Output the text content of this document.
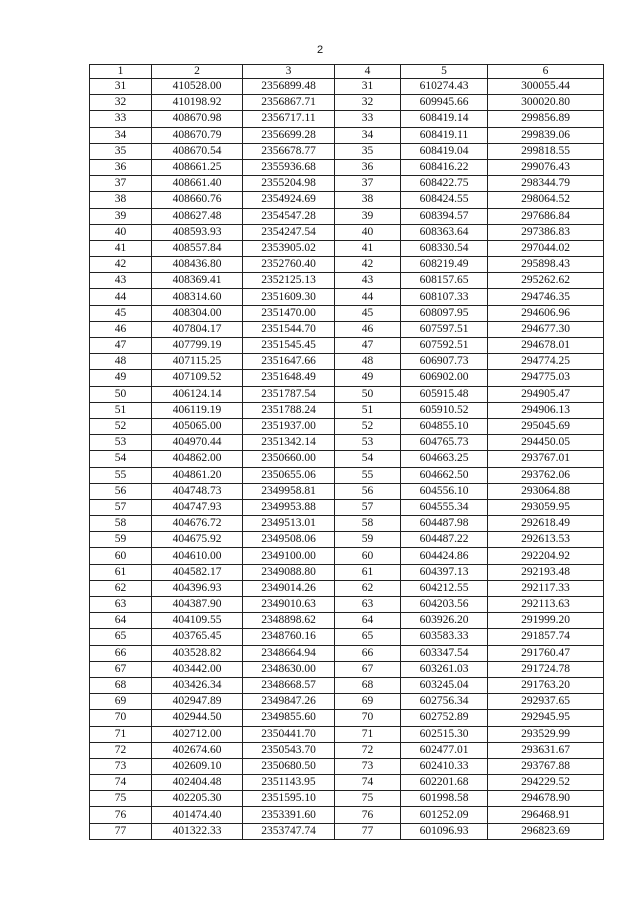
2
1	2	3	4	5	6
31	410528.00	2356899.48	31	610274.43	300055.44
32	410198.92	2356867.71	32	609945.66	300020.80
33	408670.98	2356717.11	33	608419.14	299856.89
34	408670.79	2356699.28	34	608419.11	299839.06
35	408670.54	2356678.77	35	608419.04	299818.55
36	408661.25	2355936.68	36	608416.22	299076.43
37	408661.40	2355204.98	37	608422.75	298344.79
38	408660.76	2354924.69	38	608424.55	298064.52
39	408627.48	2354547.28	39	608394.57	297686.84
40	408593.93	2354247.54	40	608363.64	297386.83
41	408557.84	2353905.02	41	608330.54	297044.02
42	408436.80	2352760.40	42	608219.49	295898.43
43	408369.41	2352125.13	43	608157.65	295262.62
44	408314.60	2351609.30	44	608107.33	294746.35
45	408304.00	2351470.00	45	608097.95	294606.96
46	407804.17	2351544.70	46	607597.51	294677.30
47	407799.19	2351545.45	47	607592.51	294678.01
48	407115.25	2351647.66	48	606907.73	294774.25
49	407109.52	2351648.49	49	606902.00	294775.03
50	406124.14	2351787.54	50	605915.48	294905.47
51	406119.19	2351788.24	51	605910.52	294906.13
52	405065.00	2351937.00	52	604855.10	295045.69
53	404970.44	2351342.14	53	604765.73	294450.05
54	404862.00	2350660.00	54	604663.25	293767.01
55	404861.20	2350655.06	55	604662.50	293762.06
56	404748.73	2349958.81	56	604556.10	293064.88
57	404747.93	2349953.88	57	604555.34	293059.95
58	404676.72	2349513.01	58	604487.98	292618.49
59	404675.92	2349508.06	59	604487.22	292613.53
60	404610.00	2349100.00	60	604424.86	292204.92
61	404582.17	2349088.80	61	604397.13	292193.48
62	404396.93	2349014.26	62	604212.55	292117.33
63	404387.90	2349010.63	63	604203.56	292113.63
64	404109.55	2348898.62	64	603926.20	291999.20
65	403765.45	2348760.16	65	603583.33	291857.74
66	403528.82	2348664.94	66	603347.54	291760.47
67	403442.00	2348630.00	67	603261.03	291724.78
68	403426.34	2348668.57	68	603245.04	291763.20
69	402947.89	2349847.26	69	602756.34	292937.65
70	402944.50	2349855.60	70	602752.89	292945.95
71	402712.00	2350441.70	71	602515.30	293529.99
72	402674.60	2350543.70	72	602477.01	293631.67
73	402609.10	2350680.50	73	602410.33	293767.88
74	402404.48	2351143.95	74	602201.68	294229.52
75	402205.30	2351595.10	75	601998.58	294678.90
76	401474.40	2353391.60	76	601252.09	296468.91
77	401322.33	2353747.74	77	601096.93	296823.69
